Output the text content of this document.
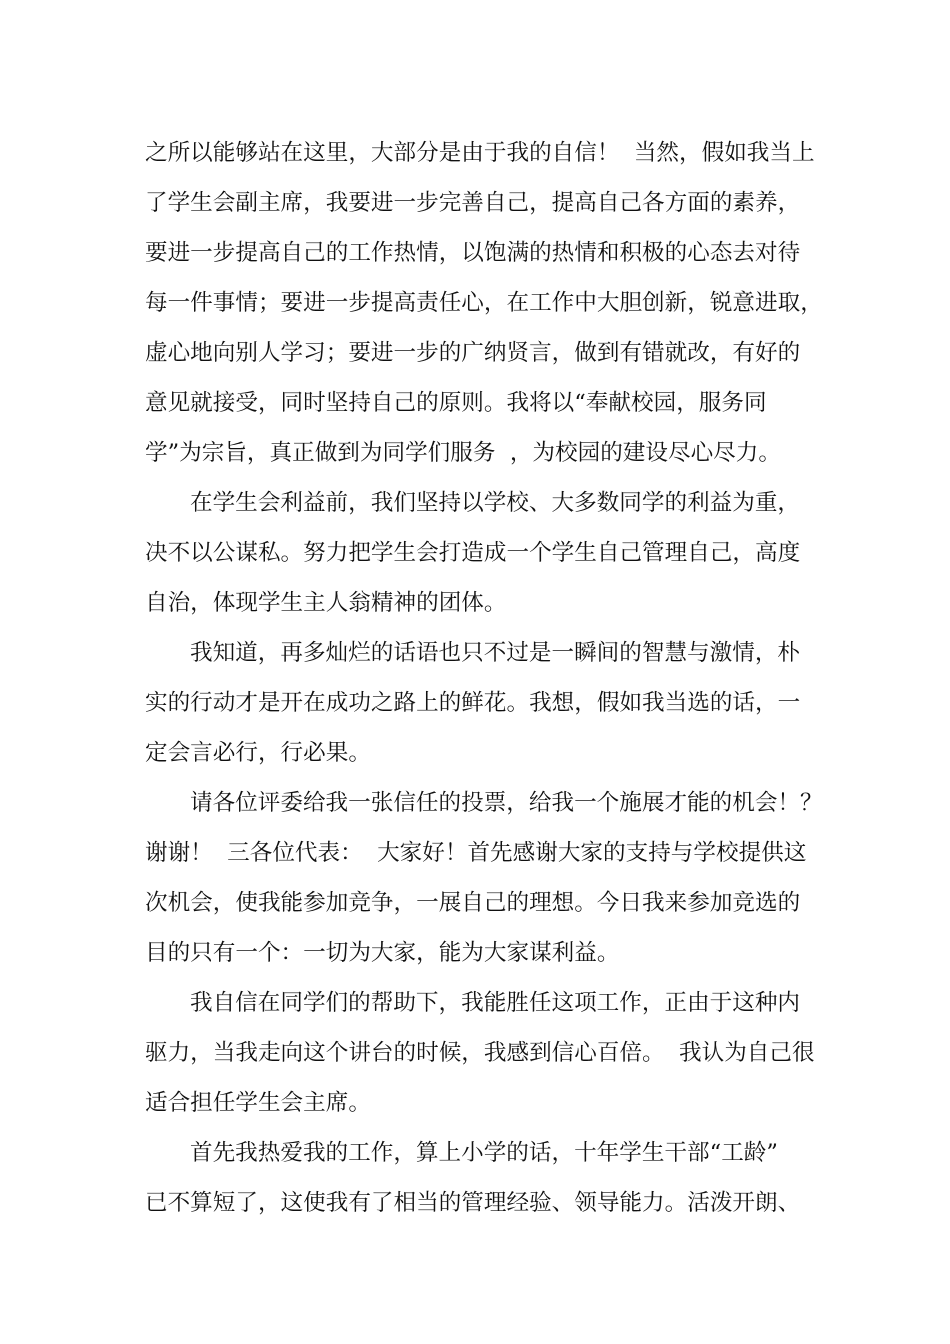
之所以能够站在这里，大部分是由于我的自信！  当然，假如我当上
了学生会副主席，我要进一步完善自己，提高自己各方面的素养，
要进一步提高自己的工作热情，以饱满的热情和积极的心态去对待
每一件事情；要进一步提高责任心，在工作中大胆创新，锐意进取，
虚心地向别人学习；要进一步的广纳贤言，做到有错就改，有好的
意见就接受，同时坚持自己的原则。我将以“奉献校园，服务同
学”为宗旨，真正做到为同学们服务  ，为校园的建设尽心尽力。
在学生会利益前，我们坚持以学校、大多数同学的利益为重，
决不以公谋私。努力把学生会打造成一个学生自己管理自己，高度
自治，体现学生主人翁精神的团体。
我知道，再多灿烂的话语也只不过是一瞬间的智慧与激情，朴
实的行动才是开在成功之路上的鲜花。我想，假如我当选的话，一
定会言必行，行必果。
请各位评委给我一张信任的投票，给我一个施展才能的机会！？
谢谢！  三各位代表：  大家好！首先感谢大家的支持与学校提供这
次机会，使我能参加竞争，一展自己的理想。今日我来参加竞选的
目的只有一个：一切为大家，能为大家谋利益。
我自信在同学们的帮助下，我能胜任这项工作，正由于这种内
驱力，当我走向这个讲台的时候，我感到信心百倍。  我认为自己很
适合担任学生会主席。
首先我热爱我的工作，算上小学的话，十年学生干部“工龄”
已不算短了，这使我有了相当的管理经验、领导能力。活泼开朗、
